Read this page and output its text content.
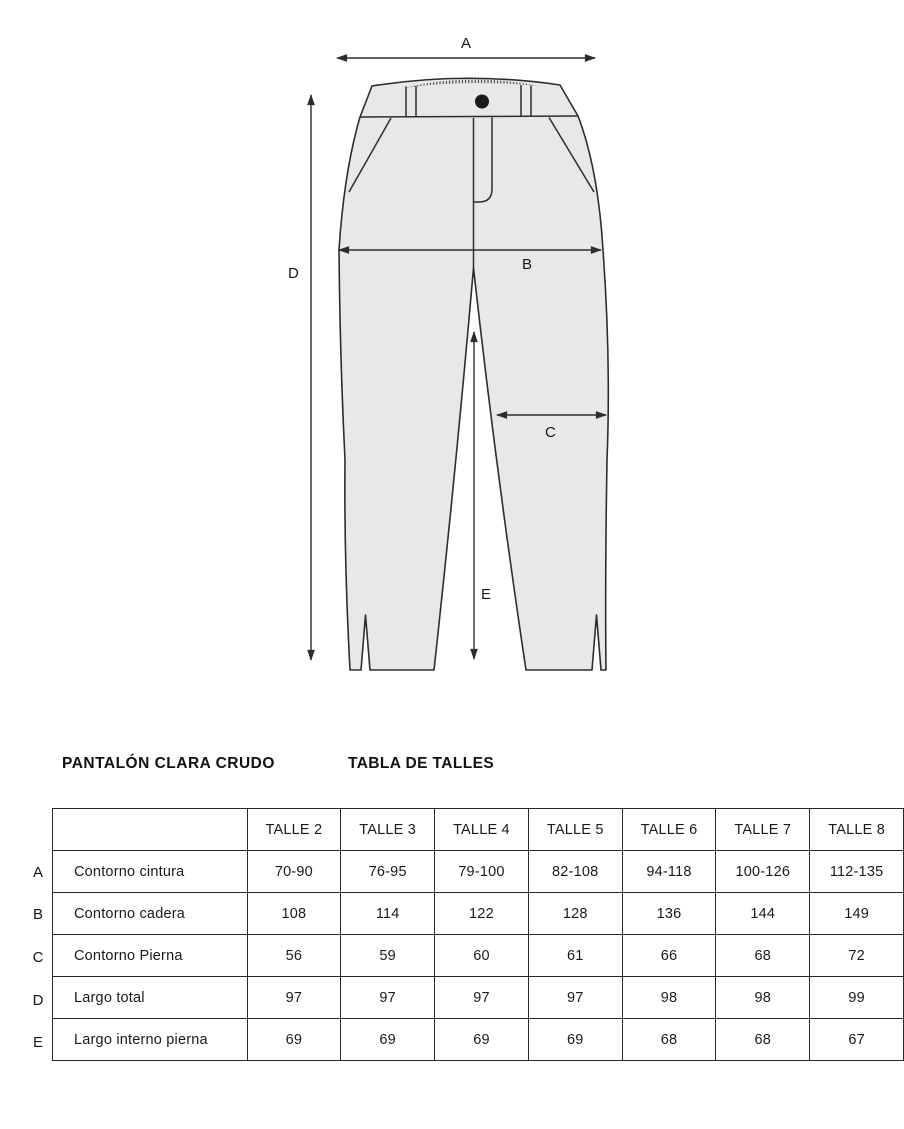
A
B
C
D
E
PANTALÓN CLARA CRUDO	TABLA DE TALLES
A
B
C
D
E
	TALLE 2	TALLE 3	TALLE 4	TALLE 5	TALLE 6	TALLE 7	TALLE 8
Contorno cintura	70-90	76-95	79-100	82-108	94-118	100-126	112-135
Contorno cadera	108	114	122	128	136	144	149
Contorno Pierna	56	59	60	61	66	68	72
Largo total	97	97	97	97	98	98	99
Largo interno pierna	69	69	69	69	68	68	67
